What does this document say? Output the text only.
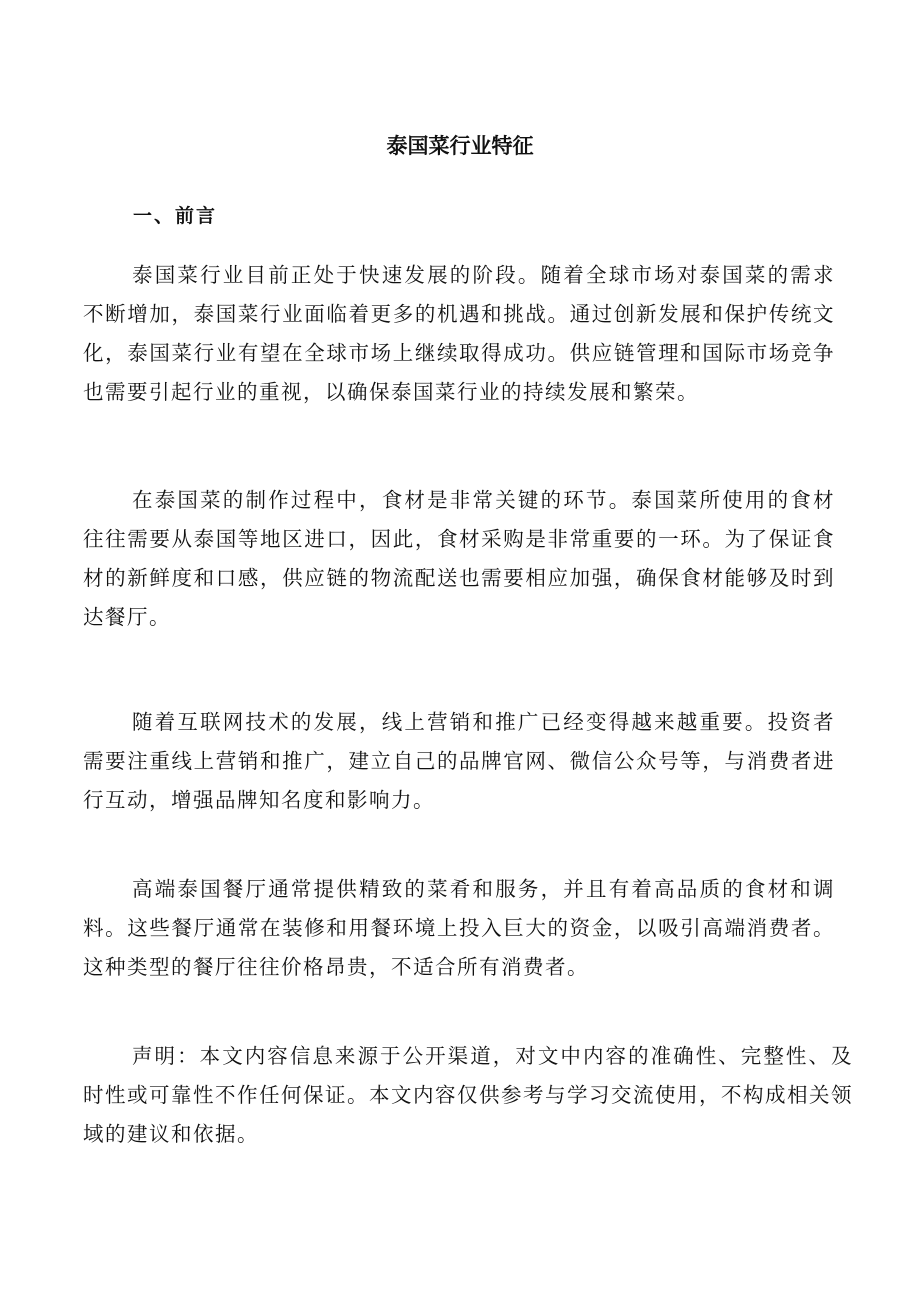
泰国菜行业特征
一、前言

泰国菜行业目前正处于快速发展的阶段。随着全球市场对泰国菜的需求不断增加，泰国菜行业面临着更多的机遇和挑战。通过创新发展和保护传统文化，泰国菜行业有望在全球市场上继续取得成功。供应链管理和国际市场竞争也需要引起行业的重视，以确保泰国菜行业的持续发展和繁荣。

在泰国菜的制作过程中，食材是非常关键的环节。泰国菜所使用的食材往往需要从泰国等地区进口，因此，食材采购是非常重要的一环。为了保证食材的新鲜度和口感，供应链的物流配送也需要相应加强，确保食材能够及时到达餐厅。

随着互联网技术的发展，线上营销和推广已经变得越来越重要。投资者需要注重线上营销和推广，建立自己的品牌官网、微信公众号等，与消费者进行互动，增强品牌知名度和影响力。

高端泰国餐厅通常提供精致的菜肴和服务，并且有着高品质的食材和调料。这些餐厅通常在装修和用餐环境上投入巨大的资金，以吸引高端消费者。这种类型的餐厅往往价格昂贵，不适合所有消费者。

声明：本文内容信息来源于公开渠道，对文中内容的准确性、完整性、及时性或可靠性不作任何保证。本文内容仅供参考与学习交流使用，不构成相关领域的建议和依据。
